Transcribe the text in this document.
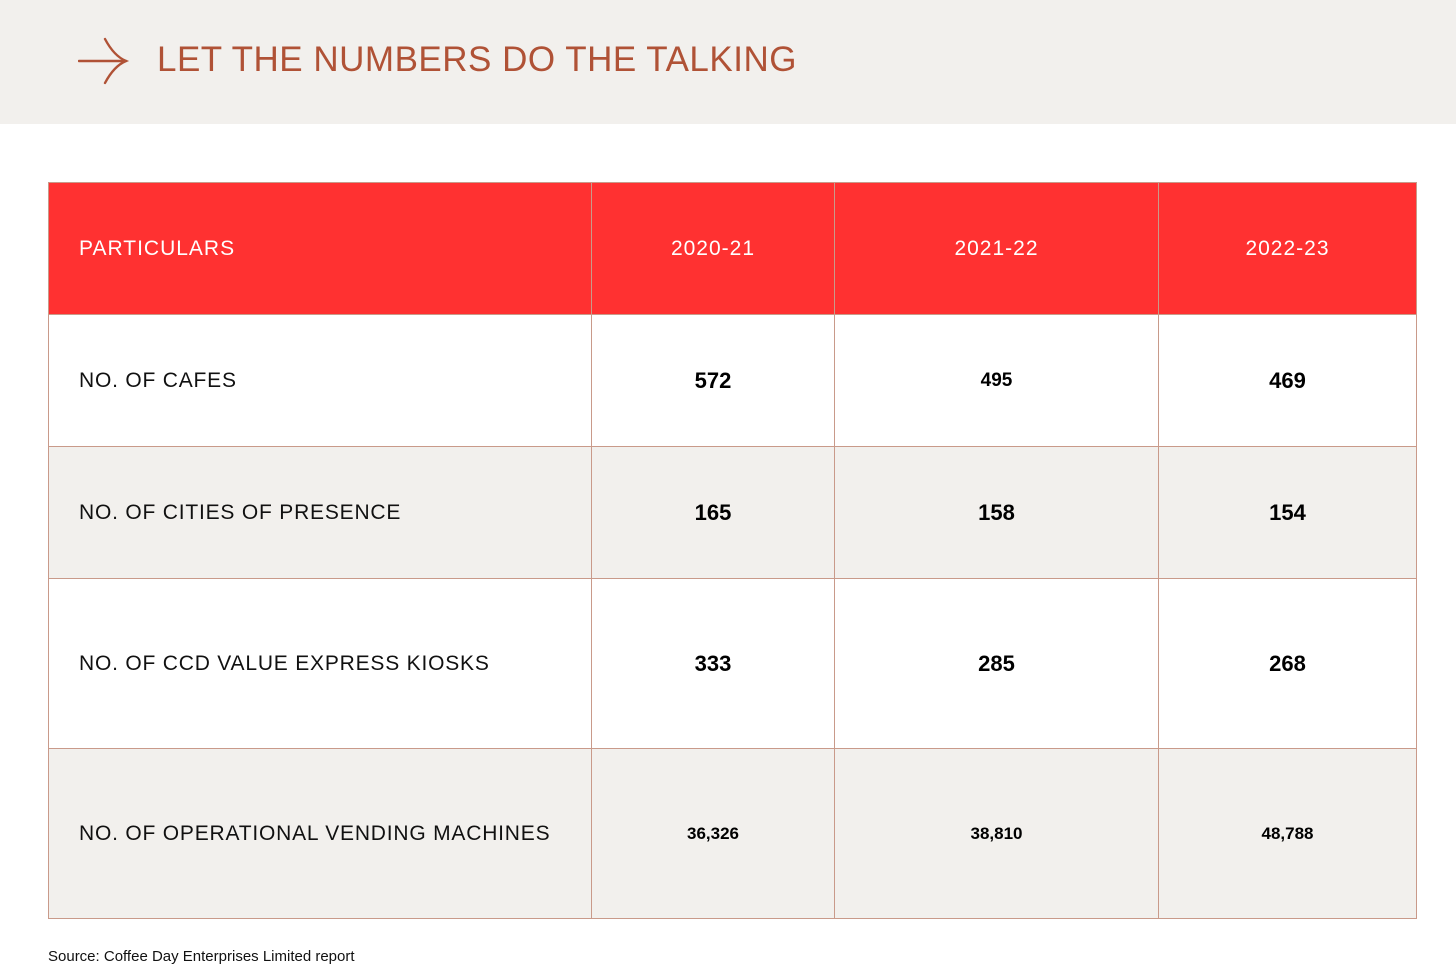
LET THE NUMBERS DO THE TALKING
PARTICULARS	2020-21	2021-22	2022-23
NO. OF CAFES	572	495	469
NO. OF CITIES OF PRESENCE	165	158	154
NO. OF CCD VALUE EXPRESS KIOSKS	333	285	268
NO. OF OPERATIONAL VENDING MACHINES	36,326	38,810	48,788
Source: Coffee Day Enterprises Limited report
